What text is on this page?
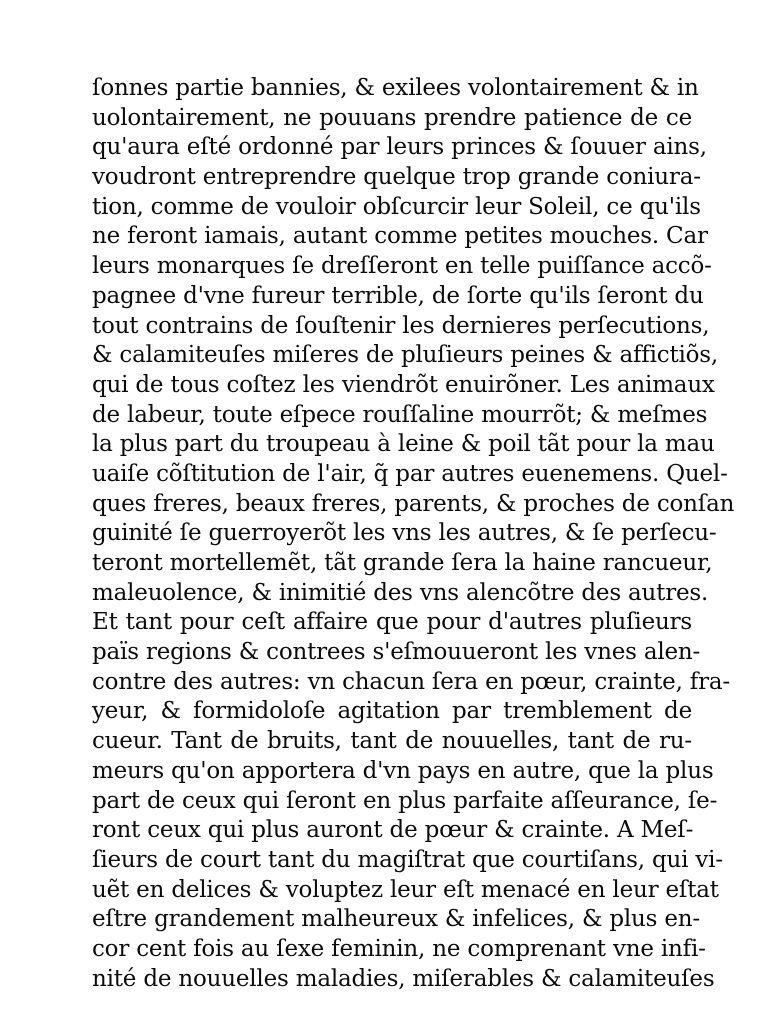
ſonnes partie bannies, & exilees volontairement & in
uolontairement, ne pouuans prendre patience de ce
qu'aura eſté ordonné par leurs princes & ſouuer ains,
voudront entreprendre quelque trop grande coniura-
tion, comme de vouloir obſcurcir leur Soleil, ce qu'ils
ne feront iamais, autant comme petites mouches. Car
leurs monarques ſe dreſſeront en telle puiſſance accõ-
pagnee d'vne fureur terrible, de ſorte qu'ils ſeront du
tout contrains de ſouſtenir les dernieres perſecutions,
& calamiteuſes miſeres de pluſieurs peines & affictiõs,
qui de tous coſtez les viendrõt enuirõner. Les animaux
de labeur, toute eſpece rouſſaline mourrõt; & meſmes
la plus part du troupeau à leine & poil tãt pour la mau
uaiſe cõſtitution de l'air, q̃ par autres euenemens. Quel-
ques freres, beaux freres, parents, & proches de conſan
guinité ſe guerroyerõt les vns les autres, & ſe perſecu-
teront mortellemẽt, tãt grande ſera la haine rancueur,
maleuolence, & inimitié des vns alencõtre des autres.
Et tant pour ceſt affaire que pour d'autres pluſieurs
païs regions & contrees s'eſmouueront les vnes alen-
contre des autres: vn chacun ſera en pœur, crainte, fra-
yeur, & formidoloſe agitation par tremblement de
cueur. Tant de bruits, tant de nouuelles, tant de ru-
meurs qu'on apportera d'vn pays en autre, que la plus
part de ceux qui ſeront en plus parfaite aſſeurance, ſe-
ront ceux qui plus auront de pœur & crainte. A Meſ-
ſieurs de court tant du magiſtrat que courtiſans, qui vi-
uẽt en delices & voluptez leur eſt menacé en leur eſtat
eſtre grandement malheureux & infelices, & plus en-
cor cent fois au ſexe feminin, ne comprenant vne infi-
nité de nouuelles maladies, miſerables & calamiteuſes
